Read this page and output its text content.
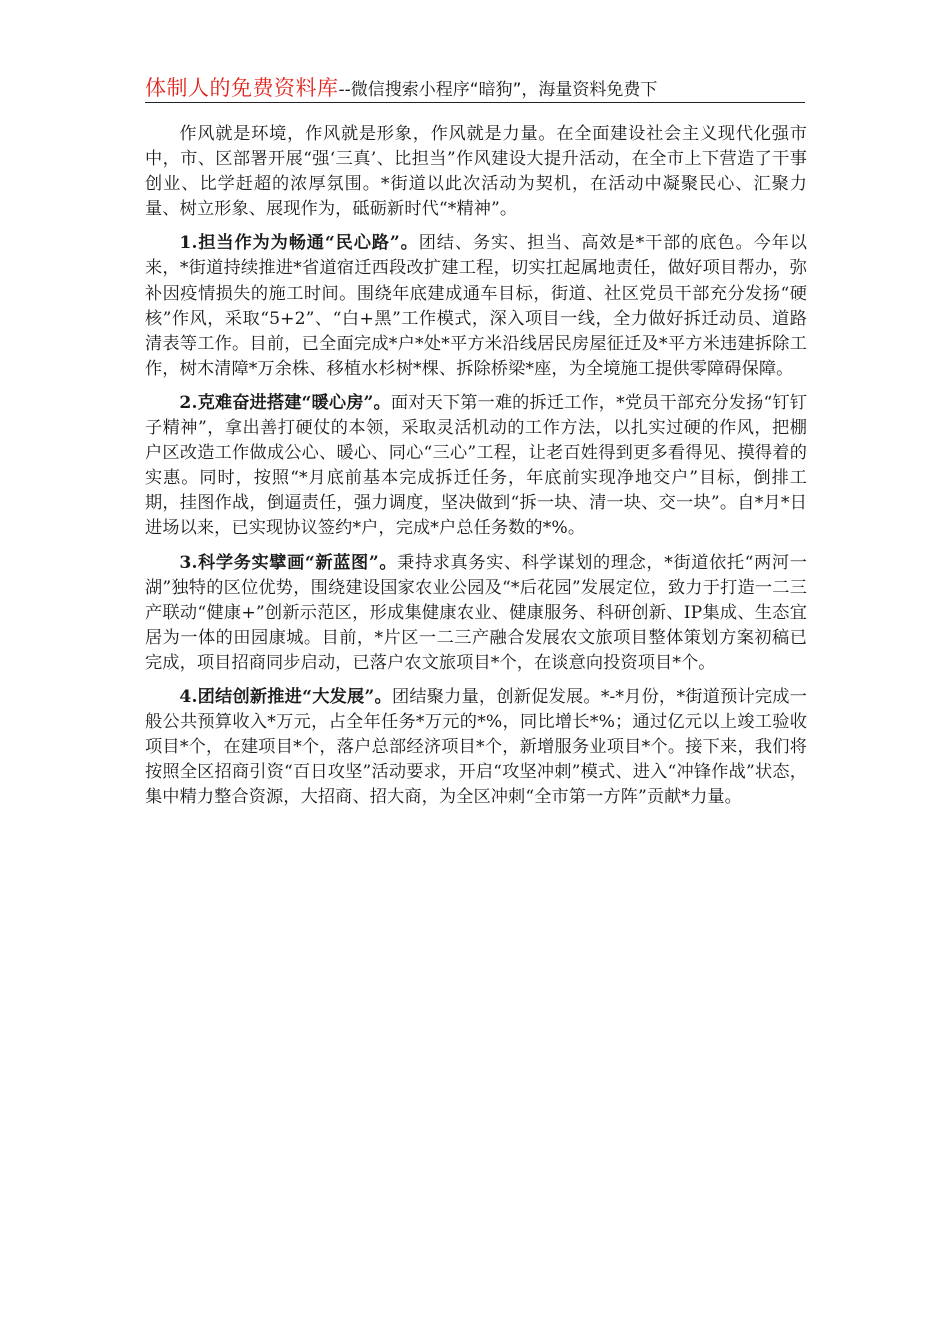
体制人的免费资料库--微信搜索小程序“暗狗”，海量资料免费下

作风就是环境，作风就是形象，作风就是力量。在全面建设社会主义现代化强市中，市、区部署开展“强‘三真’、比担当”作风建设大提升活动，在全市上下营造了干事创业、比学赶超的浓厚氛围。*街道以此次活动为契机，在活动中凝聚民心、汇聚力量、树立形象、展现作为，砥砺新时代“*精神”。

1.担当作为为畅通“民心路”。团结、务实、担当、高效是*干部的底色。今年以来，*街道持续推进*省道宿迁西段改扩建工程，切实扛起属地责任，做好项目帮办，弥补因疫情损失的施工时间。围绕年底建成通车目标，街道、社区党员干部充分发扬“硬核”作风，采取“5+2”、“白+黑”工作模式，深入项目一线，全力做好拆迁动员、道路清表等工作。目前，已全面完成*户*处*平方米沿线居民房屋征迁及*平方米违建拆除工作，树木清障*万余株、移植水杉树*棵、拆除桥梁*座，为全境施工提供零障碍保障。

2.克难奋进搭建“暖心房”。面对天下第一难的拆迁工作，*党员干部充分发扬“钉钉子精神”，拿出善打硬仗的本领，采取灵活机动的工作方法，以扎实过硬的作风，把棚户区改造工作做成公心、暖心、同心“三心”工程，让老百姓得到更多看得见、摸得着的实惠。同时，按照“*月底前基本完成拆迁任务，年底前实现净地交户”目标，倒排工期，挂图作战，倒逼责任，强力调度，坚决做到“拆一块、清一块、交一块”。自*月*日进场以来，已实现协议签约*户，完成*户总任务数的*%。

3.科学务实擘画“新蓝图”。秉持求真务实、科学谋划的理念，*街道依托“两河一湖”独特的区位优势，围绕建设国家农业公园及“*后花园”发展定位，致力于打造一二三产联动“健康+”创新示范区，形成集健康农业、健康服务、科研创新、IP集成、生态宜居为一体的田园康城。目前，*片区一二三产融合发展农文旅项目整体策划方案初稿已完成，项目招商同步启动，已落户农文旅项目*个，在谈意向投资项目*个。

4.团结创新推进“大发展”。团结聚力量，创新促发展。*-*月份，*街道预计完成一般公共预算收入*万元，占全年任务*万元的*%，同比增长*%；通过亿元以上竣工验收项目*个，在建项目*个，落户总部经济项目*个，新增服务业项目*个。接下来，我们将按照全区招商引资“百日攻坚”活动要求，开启“攻坚冲刺”模式、进入“冲锋作战”状态，集中精力整合资源，大招商、招大商，为全区冲刺“全市第一方阵”贡献*力量。
